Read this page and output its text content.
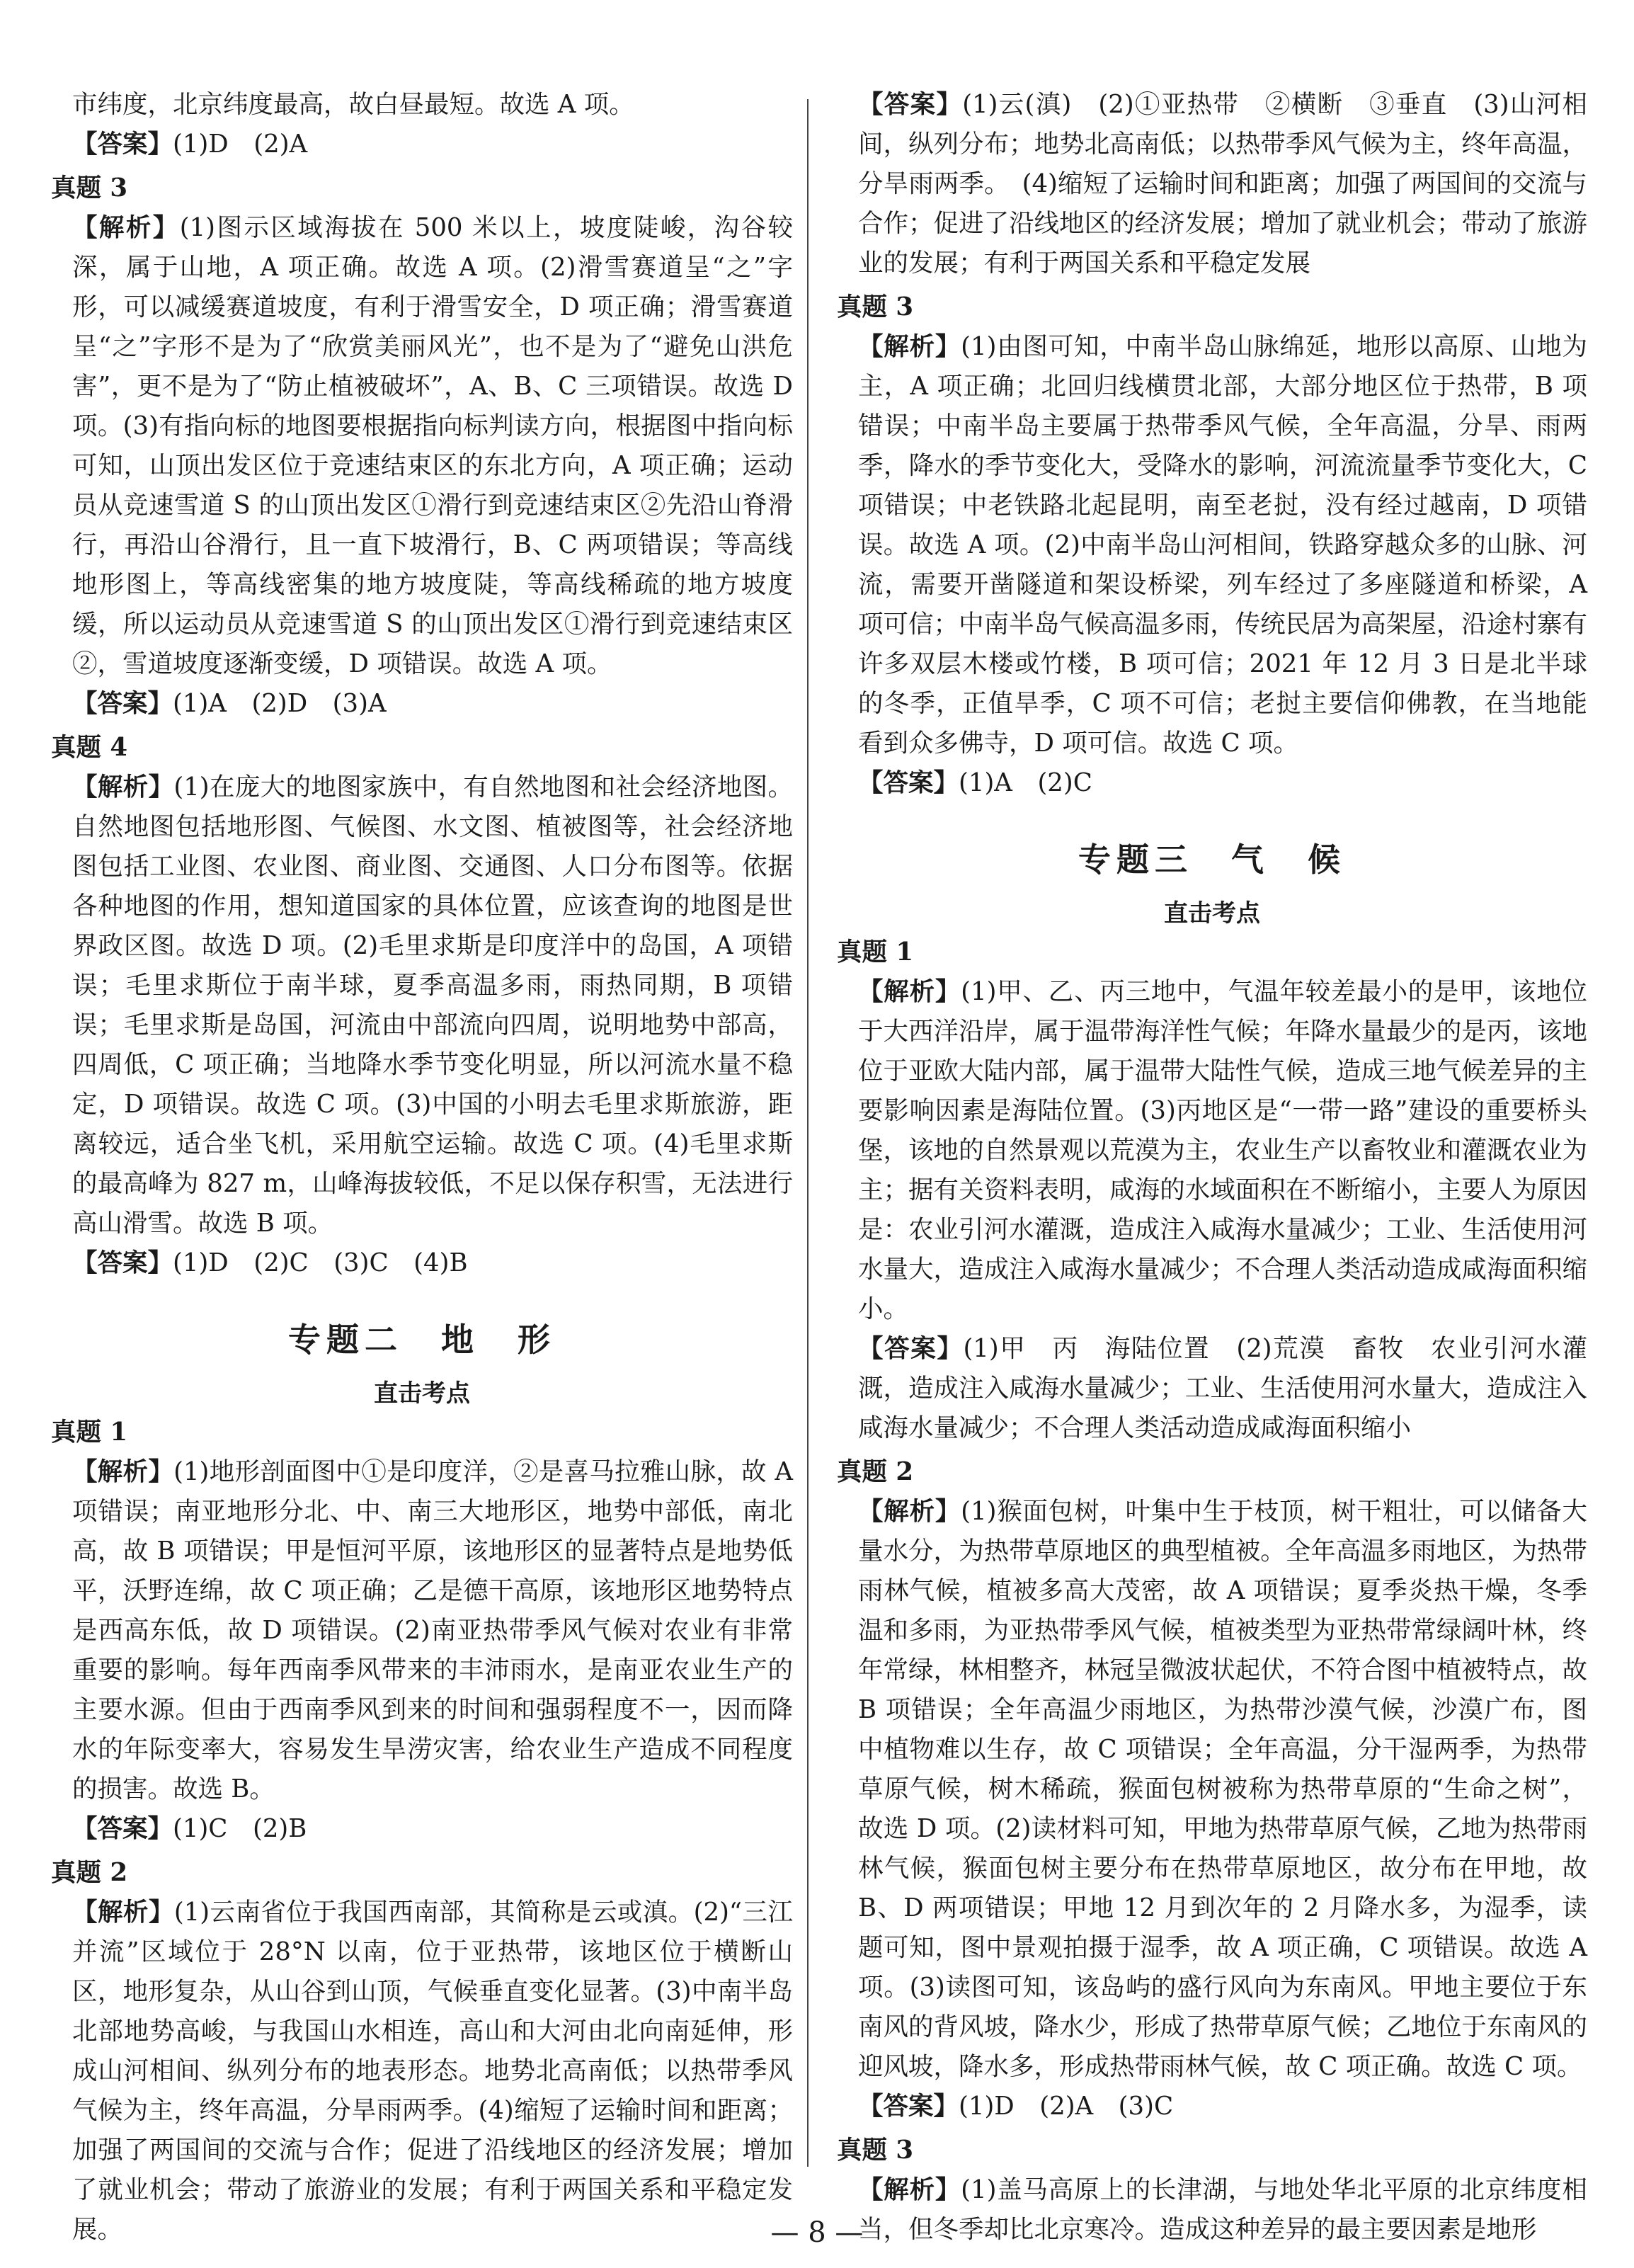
市纬度，北京纬度最高，故白昼最短。故选 A 项。

【答案】(1)D　(2)A

真题 3

【解析】(1)图示区域海拔在 500 米以上，坡度陡峻，沟谷较深，属于山地，A 项正确。故选 A 项。(2)滑雪赛道呈“之”字形，可以减缓赛道坡度，有利于滑雪安全，D 项正确；滑雪赛道呈“之”字形不是为了“欣赏美丽风光”，也不是为了“避免山洪危害”，更不是为了“防止植被破坏”，A、B、C 三项错误。故选 D 项。(3)有指向标的地图要根据指向标判读方向，根据图中指向标可知，山顶出发区位于竞速结束区的东北方向，A 项正确；运动员从竞速雪道 S 的山顶出发区①滑行到竞速结束区②先沿山脊滑行，再沿山谷滑行，且一直下坡滑行，B、C 两项错误；等高线地形图上，等高线密集的地方坡度陡，等高线稀疏的地方坡度缓，所以运动员从竞速雪道 S 的山顶出发区①滑行到竞速结束区②，雪道坡度逐渐变缓，D 项错误。故选 A 项。

【答案】(1)A　(2)D　(3)A

真题 4

【解析】(1)在庞大的地图家族中，有自然地图和社会经济地图。自然地图包括地形图、气候图、水文图、植被图等，社会经济地图包括工业图、农业图、商业图、交通图、人口分布图等。依据各种地图的作用，想知道国家的具体位置，应该查询的地图是世界政区图。故选 D 项。(2)毛里求斯是印度洋中的岛国，A 项错误；毛里求斯位于南半球，夏季高温多雨，雨热同期，B 项错误；毛里求斯是岛国，河流由中部流向四周，说明地势中部高，四周低，C 项正确；当地降水季节变化明显，所以河流水量不稳定，D 项错误。故选 C 项。(3)中国的小明去毛里求斯旅游，距离较远，适合坐飞机，采用航空运输。故选 C 项。(4)毛里求斯的最高峰为 827 m，山峰海拔较低，不足以保存积雪，无法进行高山滑雪。故选 B 项。

【答案】(1)D　(2)C　(3)C　(4)B

专题二　地　形
直击考点

真题 1

【解析】(1)地形剖面图中①是印度洋，②是喜马拉雅山脉，故 A 项错误；南亚地形分北、中、南三大地形区，地势中部低，南北高，故 B 项错误；甲是恒河平原，该地形区的显著特点是地势低平，沃野连绵，故 C 项正确；乙是德干高原，该地形区地势特点是西高东低，故 D 项错误。(2)南亚热带季风气候对农业有非常重要的影响。每年西南季风带来的丰沛雨水，是南亚农业生产的主要水源。但由于西南季风到来的时间和强弱程度不一，因而降水的年际变率大，容易发生旱涝灾害，给农业生产造成不同程度的损害。故选 B。

【答案】(1)C　(2)B

真题 2

【解析】(1)云南省位于我国西南部，其简称是云或滇。(2)“三江并流”区域位于 28°N 以南，位于亚热带，该地区位于横断山区，地形复杂，从山谷到山顶，气候垂直变化显著。(3)中南半岛北部地势高峻，与我国山水相连，高山和大河由北向南延伸，形成山河相间、纵列分布的地表形态。地势北高南低；以热带季风气候为主，终年高温，分旱雨两季。(4)缩短了运输时间和距离；加强了两国间的交流与合作；促进了沿线地区的经济发展；增加了就业机会；带动了旅游业的发展；有利于两国关系和平稳定发展。

【答案】(1)云(滇)　(2)①亚热带　②横断　③垂直　(3)山河相间，纵列分布；地势北高南低；以热带季风气候为主，终年高温，分旱雨两季。　(4)缩短了运输时间和距离；加强了两国间的交流与合作；促进了沿线地区的经济发展；增加了就业机会；带动了旅游业的发展；有利于两国关系和平稳定发展

真题 3

【解析】(1)由图可知，中南半岛山脉绵延，地形以高原、山地为主，A 项正确；北回归线横贯北部，大部分地区位于热带，B 项错误；中南半岛主要属于热带季风气候，全年高温，分旱、雨两季，降水的季节变化大，受降水的影响，河流流量季节变化大，C 项错误；中老铁路北起昆明，南至老挝，没有经过越南，D 项错误。故选 A 项。(2)中南半岛山河相间，铁路穿越众多的山脉、河流，需要开凿隧道和架设桥梁，列车经过了多座隧道和桥梁，A 项可信；中南半岛气候高温多雨，传统民居为高架屋，沿途村寨有许多双层木楼或竹楼，B 项可信；2021 年 12 月 3 日是北半球的冬季，正值旱季，C 项不可信；老挝主要信仰佛教，在当地能看到众多佛寺，D 项可信。故选 C 项。

【答案】(1)A　(2)C

专题三　气　候
直击考点

真题 1

【解析】(1)甲、乙、丙三地中，气温年较差最小的是甲，该地位于大西洋沿岸，属于温带海洋性气候；年降水量最少的是丙，该地位于亚欧大陆内部，属于温带大陆性气候，造成三地气候差异的主要影响因素是海陆位置。(3)丙地区是“一带一路”建设的重要桥头堡，该地的自然景观以荒漠为主，农业生产以畜牧业和灌溉农业为主；据有关资料表明，咸海的水域面积在不断缩小，主要人为原因是：农业引河水灌溉，造成注入咸海水量减少；工业、生活使用河水量大，造成注入咸海水量减少；不合理人类活动造成咸海面积缩小。

【答案】(1)甲　丙　海陆位置　(2)荒漠　畜牧　农业引河水灌溉，造成注入咸海水量减少；工业、生活使用河水量大，造成注入咸海水量减少；不合理人类活动造成咸海面积缩小

真题 2

【解析】(1)猴面包树，叶集中生于枝顶，树干粗壮，可以储备大量水分，为热带草原地区的典型植被。全年高温多雨地区，为热带雨林气候，植被多高大茂密，故 A 项错误；夏季炎热干燥，冬季温和多雨，为亚热带季风气候，植被类型为亚热带常绿阔叶林，终年常绿，林相整齐，林冠呈微波状起伏，不符合图中植被特点，故 B 项错误；全年高温少雨地区，为热带沙漠气候，沙漠广布，图中植物难以生存，故 C 项错误；全年高温，分干湿两季，为热带草原气候，树木稀疏，猴面包树被称为热带草原的“生命之树”，故选 D 项。(2)读材料可知，甲地为热带草原气候，乙地为热带雨林气候，猴面包树主要分布在热带草原地区，故分布在甲地，故 B、D 两项错误；甲地 12 月到次年的 2 月降水多，为湿季，读题可知，图中景观拍摄于湿季，故 A 项正确，C 项错误。故选 A 项。(3)读图可知，该岛屿的盛行风向为东南风。甲地主要位于东南风的背风坡，降水少，形成了热带草原气候；乙地位于东南风的迎风坡，降水多，形成热带雨林气候，故 C 项正确。故选 C 项。

【答案】(1)D　(2)A　(3)C

真题 3

【解析】(1)盖马高原上的长津湖，与地处华北平原的北京纬度相当，但冬季却比北京寒冷。造成这种差异的最主要因素是地形

— 8 —
